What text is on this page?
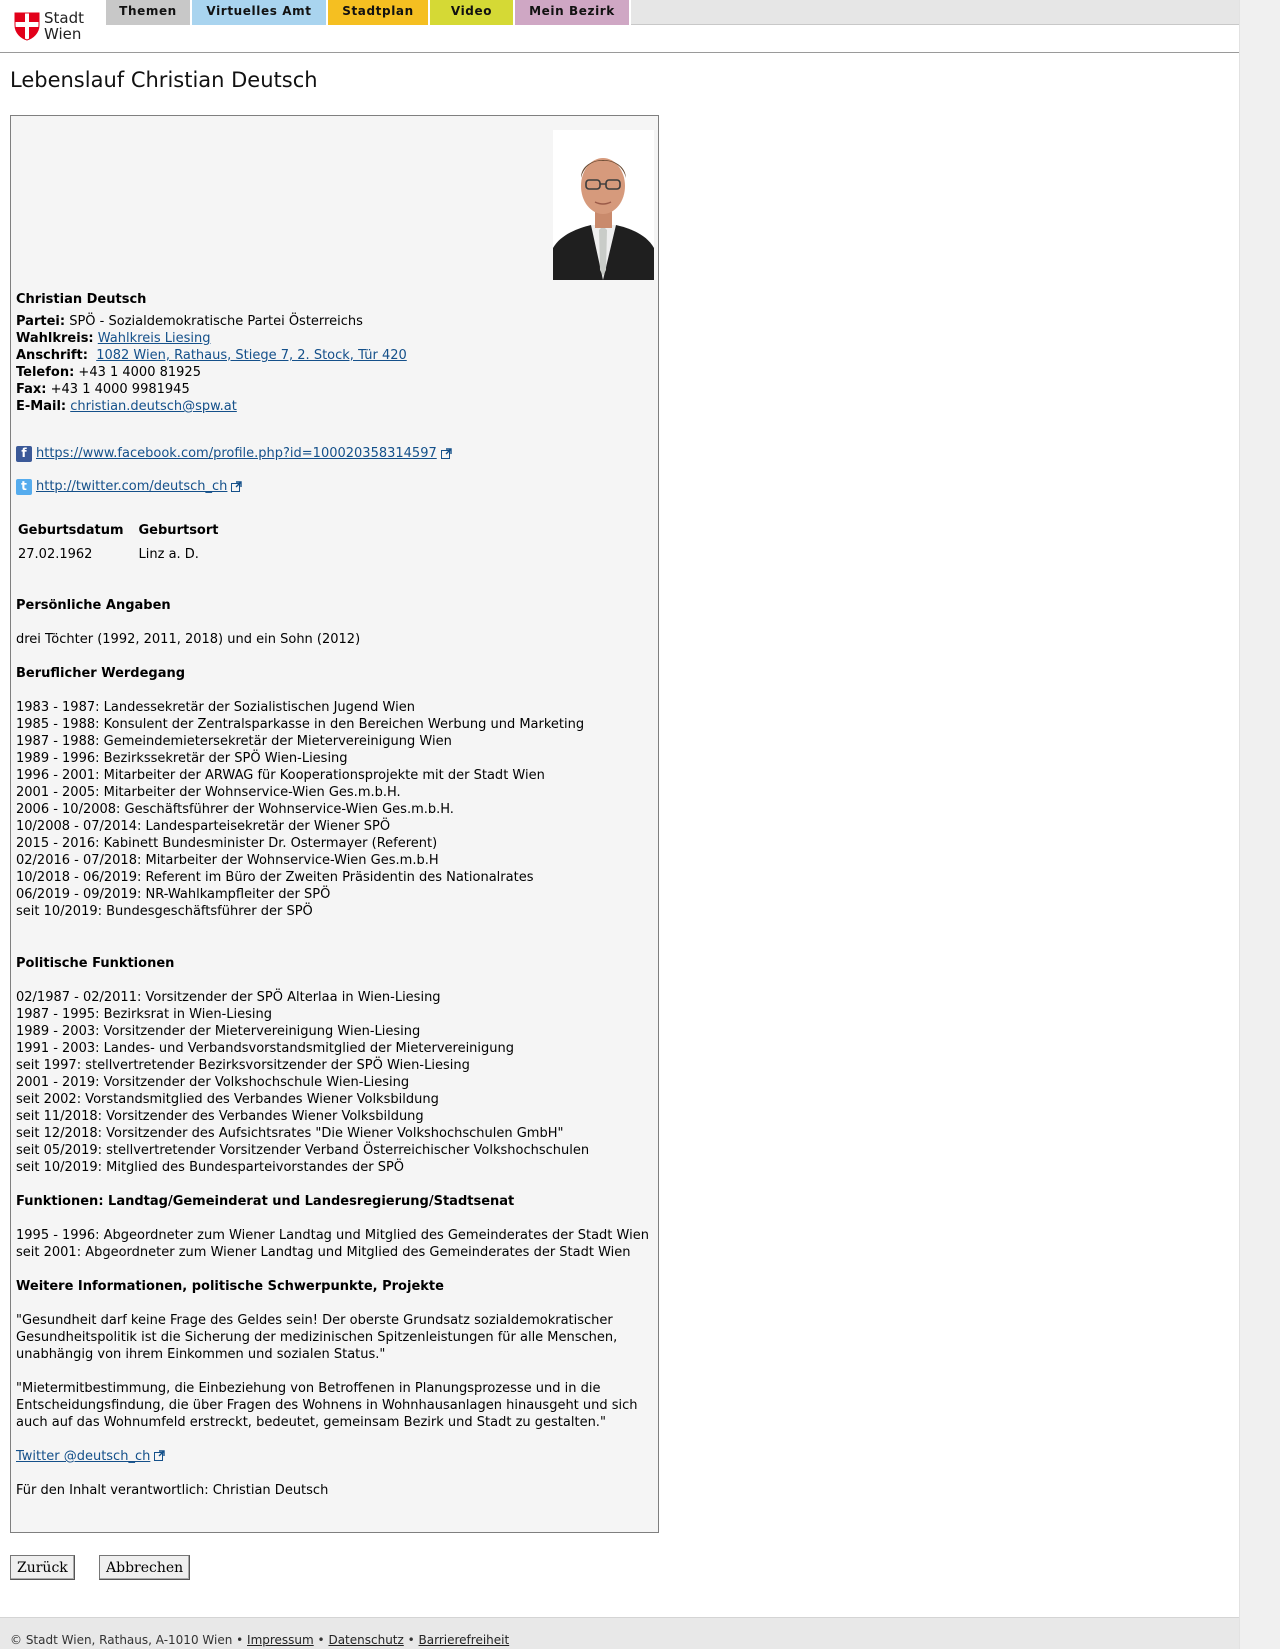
Stadt
Wien
Themen	Virtuelles Amt	Stadtplan	Video	Mein Bezirk
Lebenslauf Christian Deutsch
Christian Deutsch
Partei: SPÖ - Sozialdemokratische Partei Österreichs
Wahlkreis: Wahlkreis Liesing
Anschrift: 1082 Wien, Rathaus, Stiege 7, 2. Stock, Tür 420
Telefon: +43 1 4000 81925
Fax: +43 1 4000 9981945
E-Mail: christian.deutsch@spw.at
f https://www.facebook.com/profile.php?id=100020358314597
t http://twitter.com/deutsch_ch
Geburtsdatum	Geburtsort
27.02.1962	Linz a. D.

Persönliche Angaben

drei Töchter (1992, 2011, 2018) und ein Sohn (2012)

Beruflicher Werdegang

1983 - 1987: Landessekretär der Sozialistischen Jugend Wien
1985 - 1988: Konsulent der Zentralsparkasse in den Bereichen Werbung und Marketing
1987 - 1988: Gemeindemietersekretär der Mietervereinigung Wien
1989 - 1996: Bezirkssekretär der SPÖ Wien-Liesing
1996 - 2001: Mitarbeiter der ARWAG für Kooperationsprojekte mit der Stadt Wien
2001 - 2005: Mitarbeiter der Wohnservice-Wien Ges.m.b.H.
2006 - 10/2008: Geschäftsführer der Wohnservice-Wien Ges.m.b.H.
10/2008 - 07/2014: Landesparteisekretär der Wiener SPÖ
2015 - 2016: Kabinett Bundesminister Dr. Ostermayer (Referent)
02/2016 - 07/2018: Mitarbeiter der Wohnservice-Wien Ges.m.b.H
10/2018 - 06/2019: Referent im Büro der Zweiten Präsidentin des Nationalrates
06/2019 - 09/2019: NR-Wahlkampfleiter der SPÖ
seit 10/2019: Bundesgeschäftsführer der SPÖ

Politische Funktionen

02/1987 - 02/2011: Vorsitzender der SPÖ Alterlaa in Wien-Liesing
1987 - 1995: Bezirksrat in Wien-Liesing
1989 - 2003: Vorsitzender der Mietervereinigung Wien-Liesing
1991 - 2003: Landes- und Verbandsvorstandsmitglied der Mietervereinigung
seit 1997: stellvertretender Bezirksvorsitzender der SPÖ Wien-Liesing
2001 - 2019: Vorsitzender der Volkshochschule Wien-Liesing
seit 2002: Vorstandsmitglied des Verbandes Wiener Volksbildung
seit 11/2018: Vorsitzender des Verbandes Wiener Volksbildung
seit 12/2018: Vorsitzender des Aufsichtsrates "Die Wiener Volkshochschulen GmbH"
seit 05/2019: stellvertretender Vorsitzender Verband Österreichischer Volkshochschulen
seit 10/2019: Mitglied des Bundesparteivorstandes der SPÖ

Funktionen: Landtag/Gemeinderat und Landesregierung/Stadtsenat

1995 - 1996: Abgeordneter zum Wiener Landtag und Mitglied des Gemeinderates der Stadt Wien
seit 2001: Abgeordneter zum Wiener Landtag und Mitglied des Gemeinderates der Stadt Wien

Weitere Informationen, politische Schwerpunkte, Projekte

"Gesundheit darf keine Frage des Geldes sein! Der oberste Grundsatz sozialdemokratischer Gesundheitspolitik ist die Sicherung der medizinischen Spitzenleistungen für alle Menschen, unabhängig von ihrem Einkommen und sozialen Status."

"Mietermitbestimmung, die Einbeziehung von Betroffenen in Planungsprozesse und in die Entscheidungsfindung, die über Fragen des Wohnens in Wohnhausanlagen hinausgeht und sich auch auf das Wohnumfeld erstreckt, bedeutet, gemeinsam Bezirk und Stadt zu gestalten."

Twitter @deutsch_ch

Für den Inhalt verantwortlich: Christian Deutsch

Zurück	Abbrechen
© Stadt Wien, Rathaus, A-1010 Wien • Impressum • Datenschutz • Barrierefreiheit
